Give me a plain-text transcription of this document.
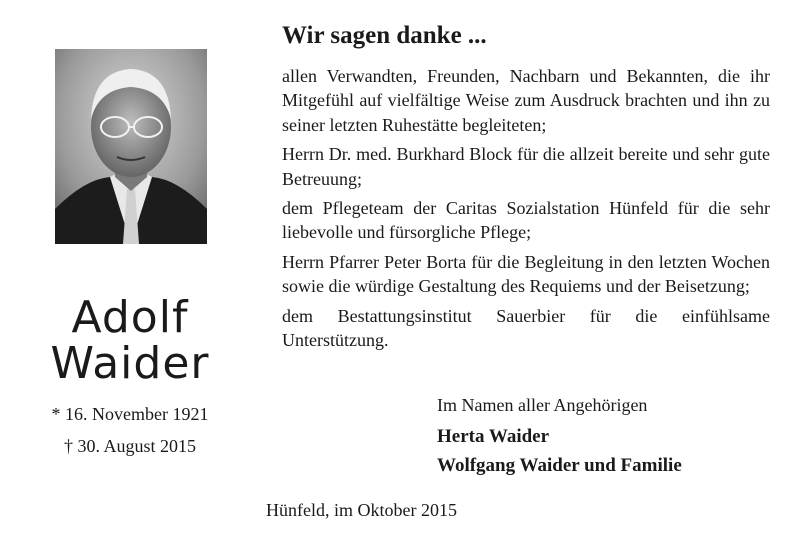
Adolf
Waider
* 16. November 1921
† 30. August 2015
Wir sagen danke ...

allen Verwandten, Freunden, Nachbarn und Bekannten, die ihr Mitgefühl auf vielfältige Weise zum Ausdruck brachten und ihn zu seiner letzten Ruhestätte begleiteten;

Herrn Dr. med. Burkhard Block für die allzeit bereite und sehr gute Betreuung;

dem Pflegeteam der Caritas Sozialstation Hünfeld für die sehr liebevolle und fürsorgliche Pflege;

Herrn Pfarrer Peter Borta für die Begleitung in den letzten Wochen sowie die würdige Gestaltung des Requiems und der Beisetzung;

dem Bestattungsinstitut Sauerbier für die einfühlsame Unterstützung.

Im Namen aller Angehörigen
Herta Waider
Wolfgang Waider und Familie
Hünfeld, im Oktober 2015
